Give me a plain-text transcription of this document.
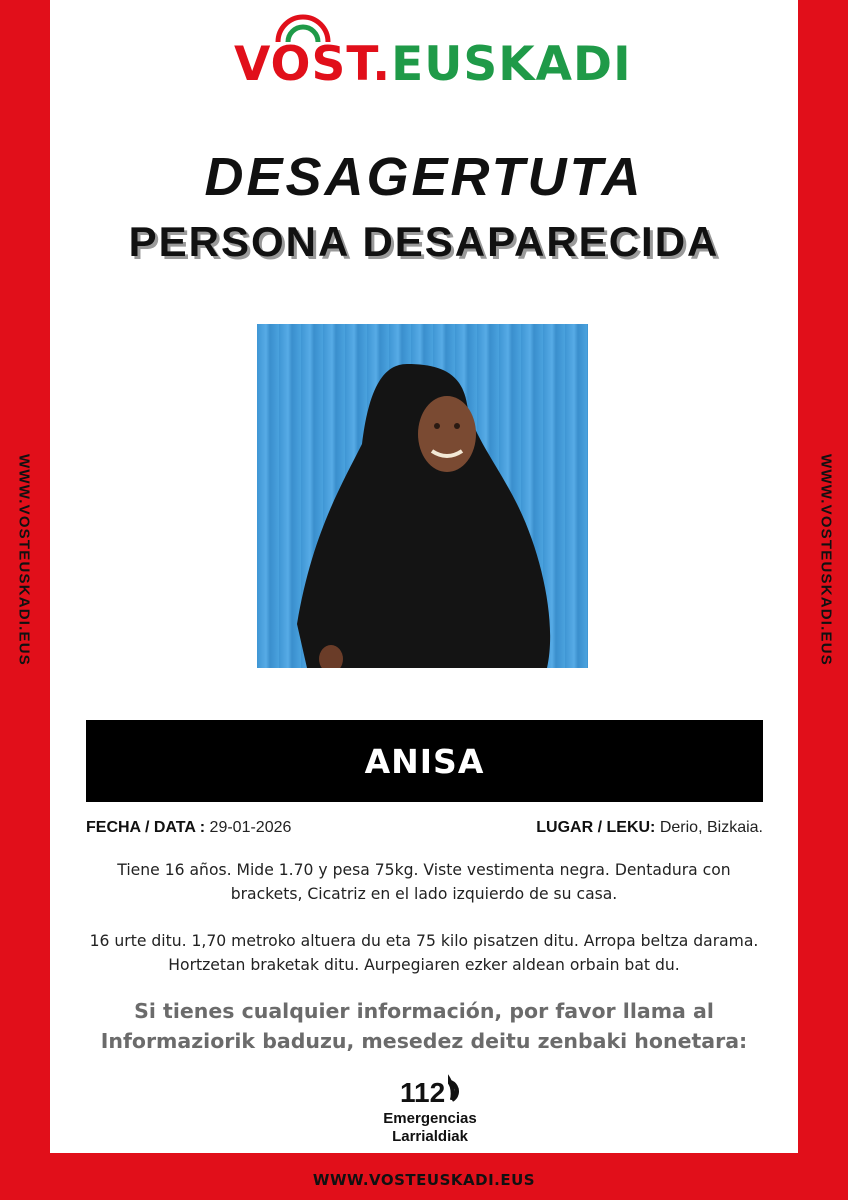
VOST.EUSKADI
DESAGERTUTA
PERSONA DESAPARECIDA
WWW.VOSTEUSKADI.EUS	WWW.VOSTEUSKADI.EUS
ANISA
FECHA / DATA : 29-01-2026	LUGAR / LEKU: Derio, Bizkaia.
Tiene 16 años. Mide 1.70 y pesa 75kg. Viste vestimenta negra. Dentadura con brackets, Cicatriz en el lado izquierdo de su casa.
16 urte ditu. 1,70 metroko altuera du eta 75 kilo pisatzen ditu. Arropa beltza darama. Hortzetan braketak ditu. Aurpegiaren ezker aldean orbain bat du.
Si tienes cualquier información, por favor llama al
Informaziorik baduzu, mesedez deitu zenbaki honetara:
112
Emergencias
Larrialdiak
WWW.VOSTEUSKADI.EUS
